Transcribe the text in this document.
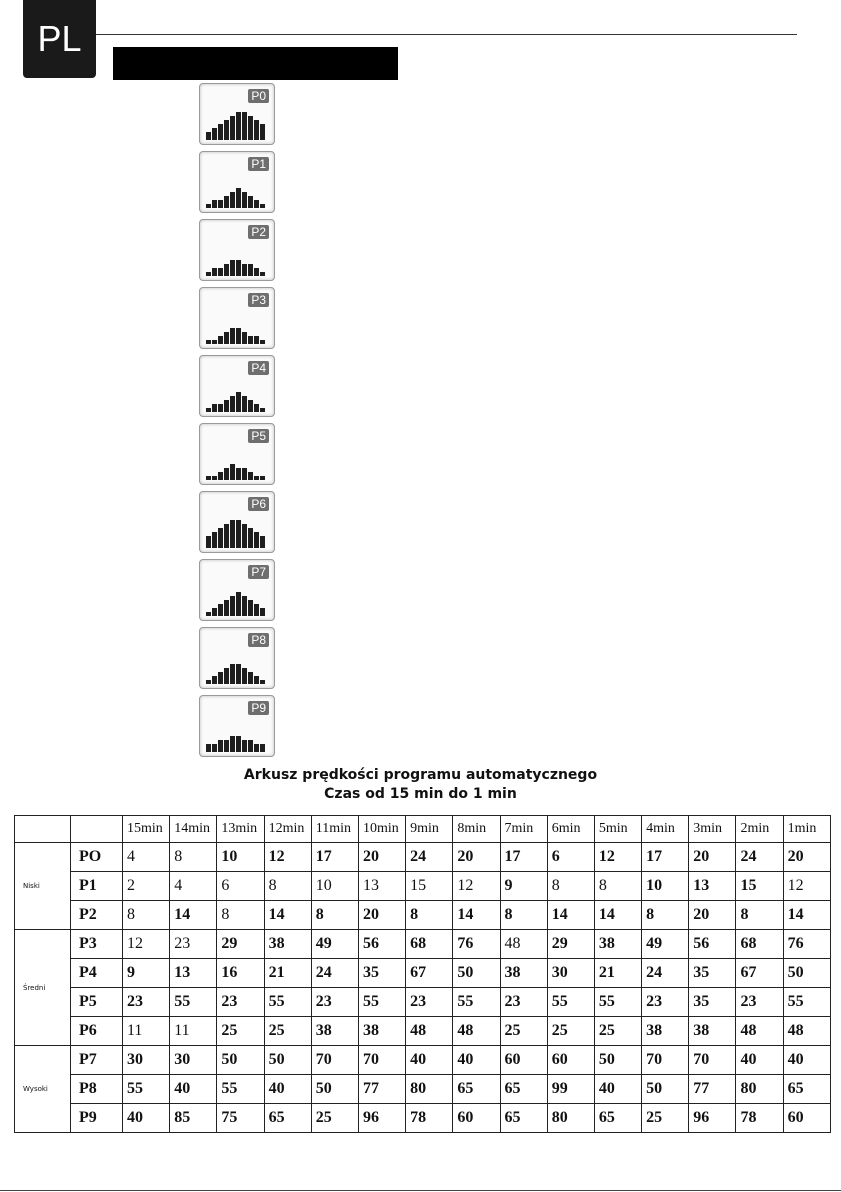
PL
P0
P1
P2
P3
P4
P5
P6
P7
P8
P9
Arkusz prędkości programu automatycznego
Czas od 15 min do 1 min
		15min	14min	13min	12min	11min	10min	9min	8min	7min	6min	5min	4min	3min	2min	1min
Niski	PO	4	8	10	12	17	20	24	20	17	6	12	17	20	24	20
	P1	2	4	6	8	10	13	15	12	9	8	8	10	13	15	12
	P2	8	14	8	14	8	20	8	14	8	14	14	8	20	8	14
Średni	P3	12	23	29	38	49	56	68	76	48	29	38	49	56	68	76
	P4	9	13	16	21	24	35	67	50	38	30	21	24	35	67	50
	P5	23	55	23	55	23	55	23	55	23	55	55	23	35	23	55
	P6	11	11	25	25	38	38	48	48	25	25	25	38	38	48	48
Wysoki	P7	30	30	50	50	70	70	40	40	60	60	50	70	70	40	40
	P8	55	40	55	40	50	77	80	65	65	99	40	50	77	80	65
	P9	40	85	75	65	25	96	78	60	65	80	65	25	96	78	60
